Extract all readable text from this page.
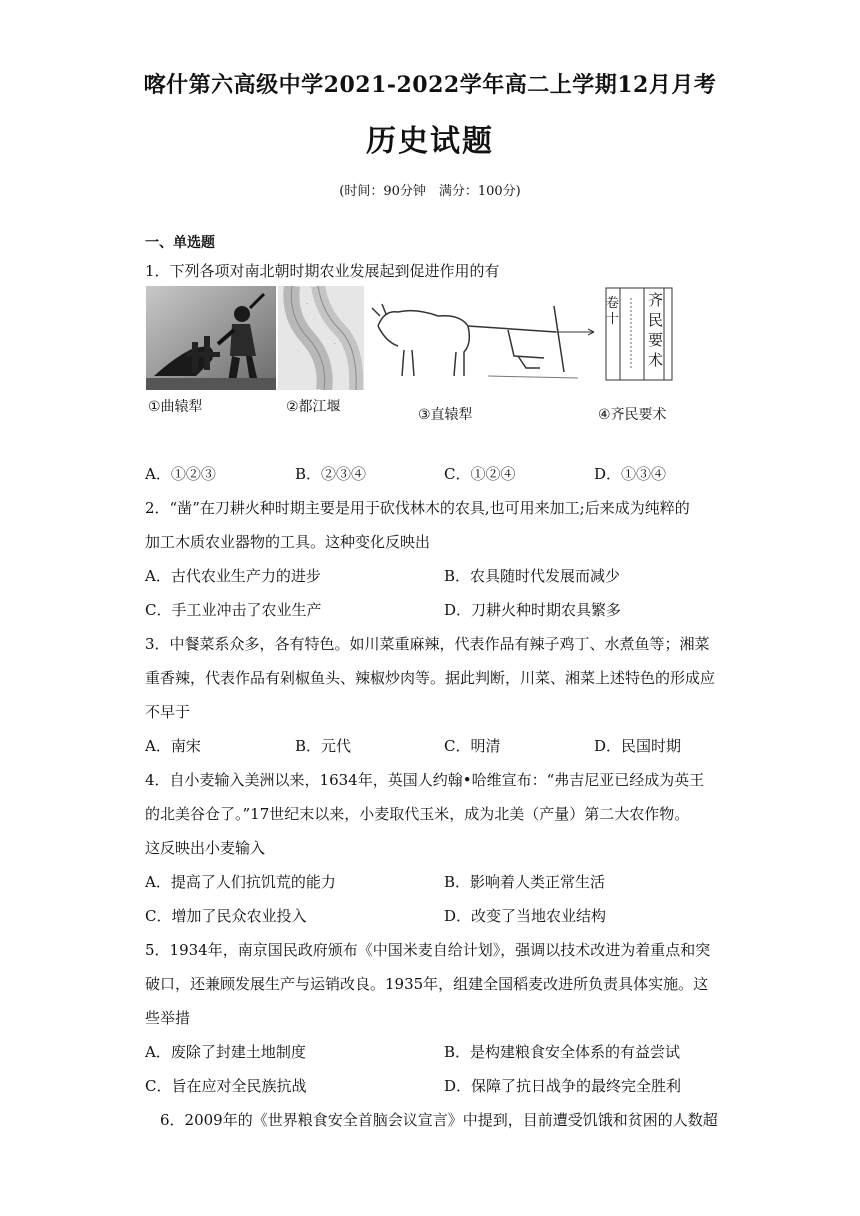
喀什第六高级中学2021-2022学年高二上学期12月月考
历史试题
(时间：90分钟　满分：100分)
一、单选题
1．下列各项对南北朝时期农业发展起到促进作用的有
·
·
齐民要术
卷十
①曲辕犁	②都江堰	③直辕犁	④齐民要术
A．①②③	B．②③④	C．①②④	D．①③④
2．“凿”在刀耕火种时期主要是用于砍伐林木的农具,也可用来加工;后来成为纯粹的
加工木质农业器物的工具。这种变化反映出
A．古代农业生产力的进步	B．农具随时代发展而减少
C．手工业冲击了农业生产	D．刀耕火种时期农具繁多
3．中餐菜系众多，各有特色。如川菜重麻辣，代表作品有辣子鸡丁、水煮鱼等；湘菜
重香辣，代表作品有剁椒鱼头、辣椒炒肉等。据此判断，川菜、湘菜上述特色的形成应
不早于
A．南宋	B．元代	C．明清	D．民国时期
4．自小麦输入美洲以来，1634年，英国人约翰•哈维宣布：“弗吉尼亚已经成为英王
的北美谷仓了。”17世纪末以来，小麦取代玉米，成为北美（产量）第二大农作物。
这反映出小麦输入
A．提高了人们抗饥荒的能力	B．影响着人类正常生活
C．增加了民众农业投入	D．改变了当地农业结构
5．1934年，南京国民政府颁布《中国米麦自给计划》，强调以技术改进为着重点和突
破口，还兼顾发展生产与运销改良。1935年，组建全国稻麦改进所负责具体实施。这
些举措
A．废除了封建土地制度	B．是构建粮食安全体系的有益尝试
C．旨在应对全民族抗战	D．保障了抗日战争的最终完全胜利
6．2009年的《世界粮食安全首脑会议宣言》中提到，目前遭受饥饿和贫困的人数超
